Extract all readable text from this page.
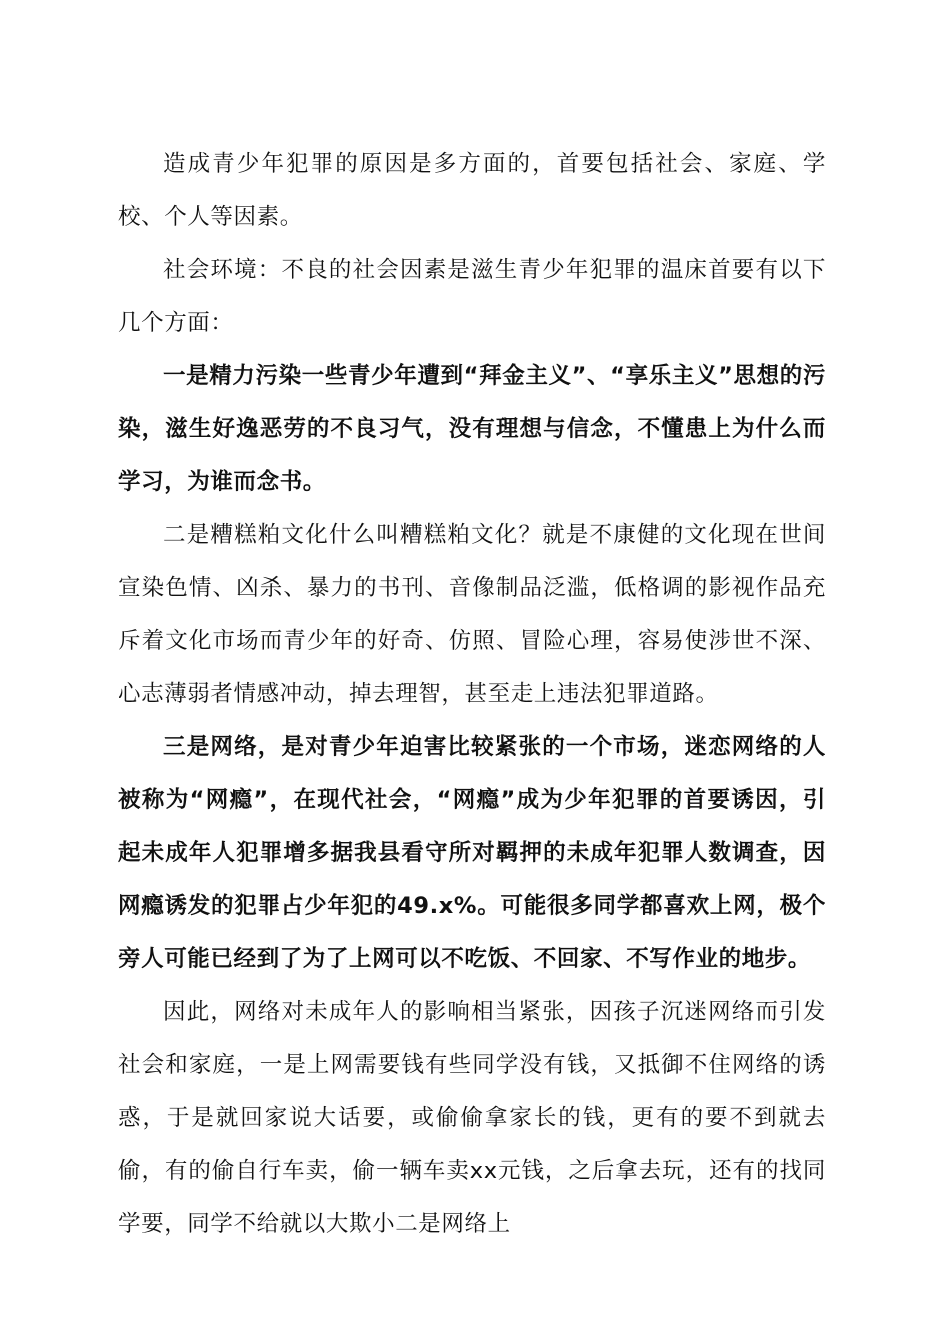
造成青少年犯罪的原因是多方面的，首要包括社会、家庭、学校、个人等因素。

社会环境：不良的社会因素是滋生青少年犯罪的温床首要有以下几个方面：

一是精力污染一些青少年遭到“拜金主义”、“享乐主义”思想的污染，滋生好逸恶劳的不良习气，没有理想与信念，不懂患上为什么而学习，为谁而念书。

二是糟糕粕文化什么叫糟糕粕文化？就是不康健的文化现在世间宣染色情、凶杀、暴力的书刊、音像制品泛滥，低格调的影视作品充斥着文化市场而青少年的好奇、仿照、冒险心理，容易使涉世不深、心志薄弱者情感冲动，掉去理智，甚至走上违法犯罪道路。

三是网络，是对青少年迫害比较紧张的一个市场，迷恋网络的人被称为“网瘾”，在现代社会，“网瘾”成为少年犯罪的首要诱因，引起未成年人犯罪增多据我县看守所对羁押的未成年犯罪人数调查，因网瘾诱发的犯罪占少年犯的49.x%。可能很多同学都喜欢上网，极个旁人可能已经到了为了上网可以不吃饭、不回家、不写作业的地步。

因此，网络对未成年人的影响相当紧张，因孩子沉迷网络而引发社会和家庭，一是上网需要钱有些同学没有钱，又抵御不住网络的诱惑，于是就回家说大话要，或偷偷拿家长的钱，更有的要不到就去偷，有的偷自行车卖，偷一辆车卖xx元钱，之后拿去玩，还有的找同学要，同学不给就以大欺小二是网络上
